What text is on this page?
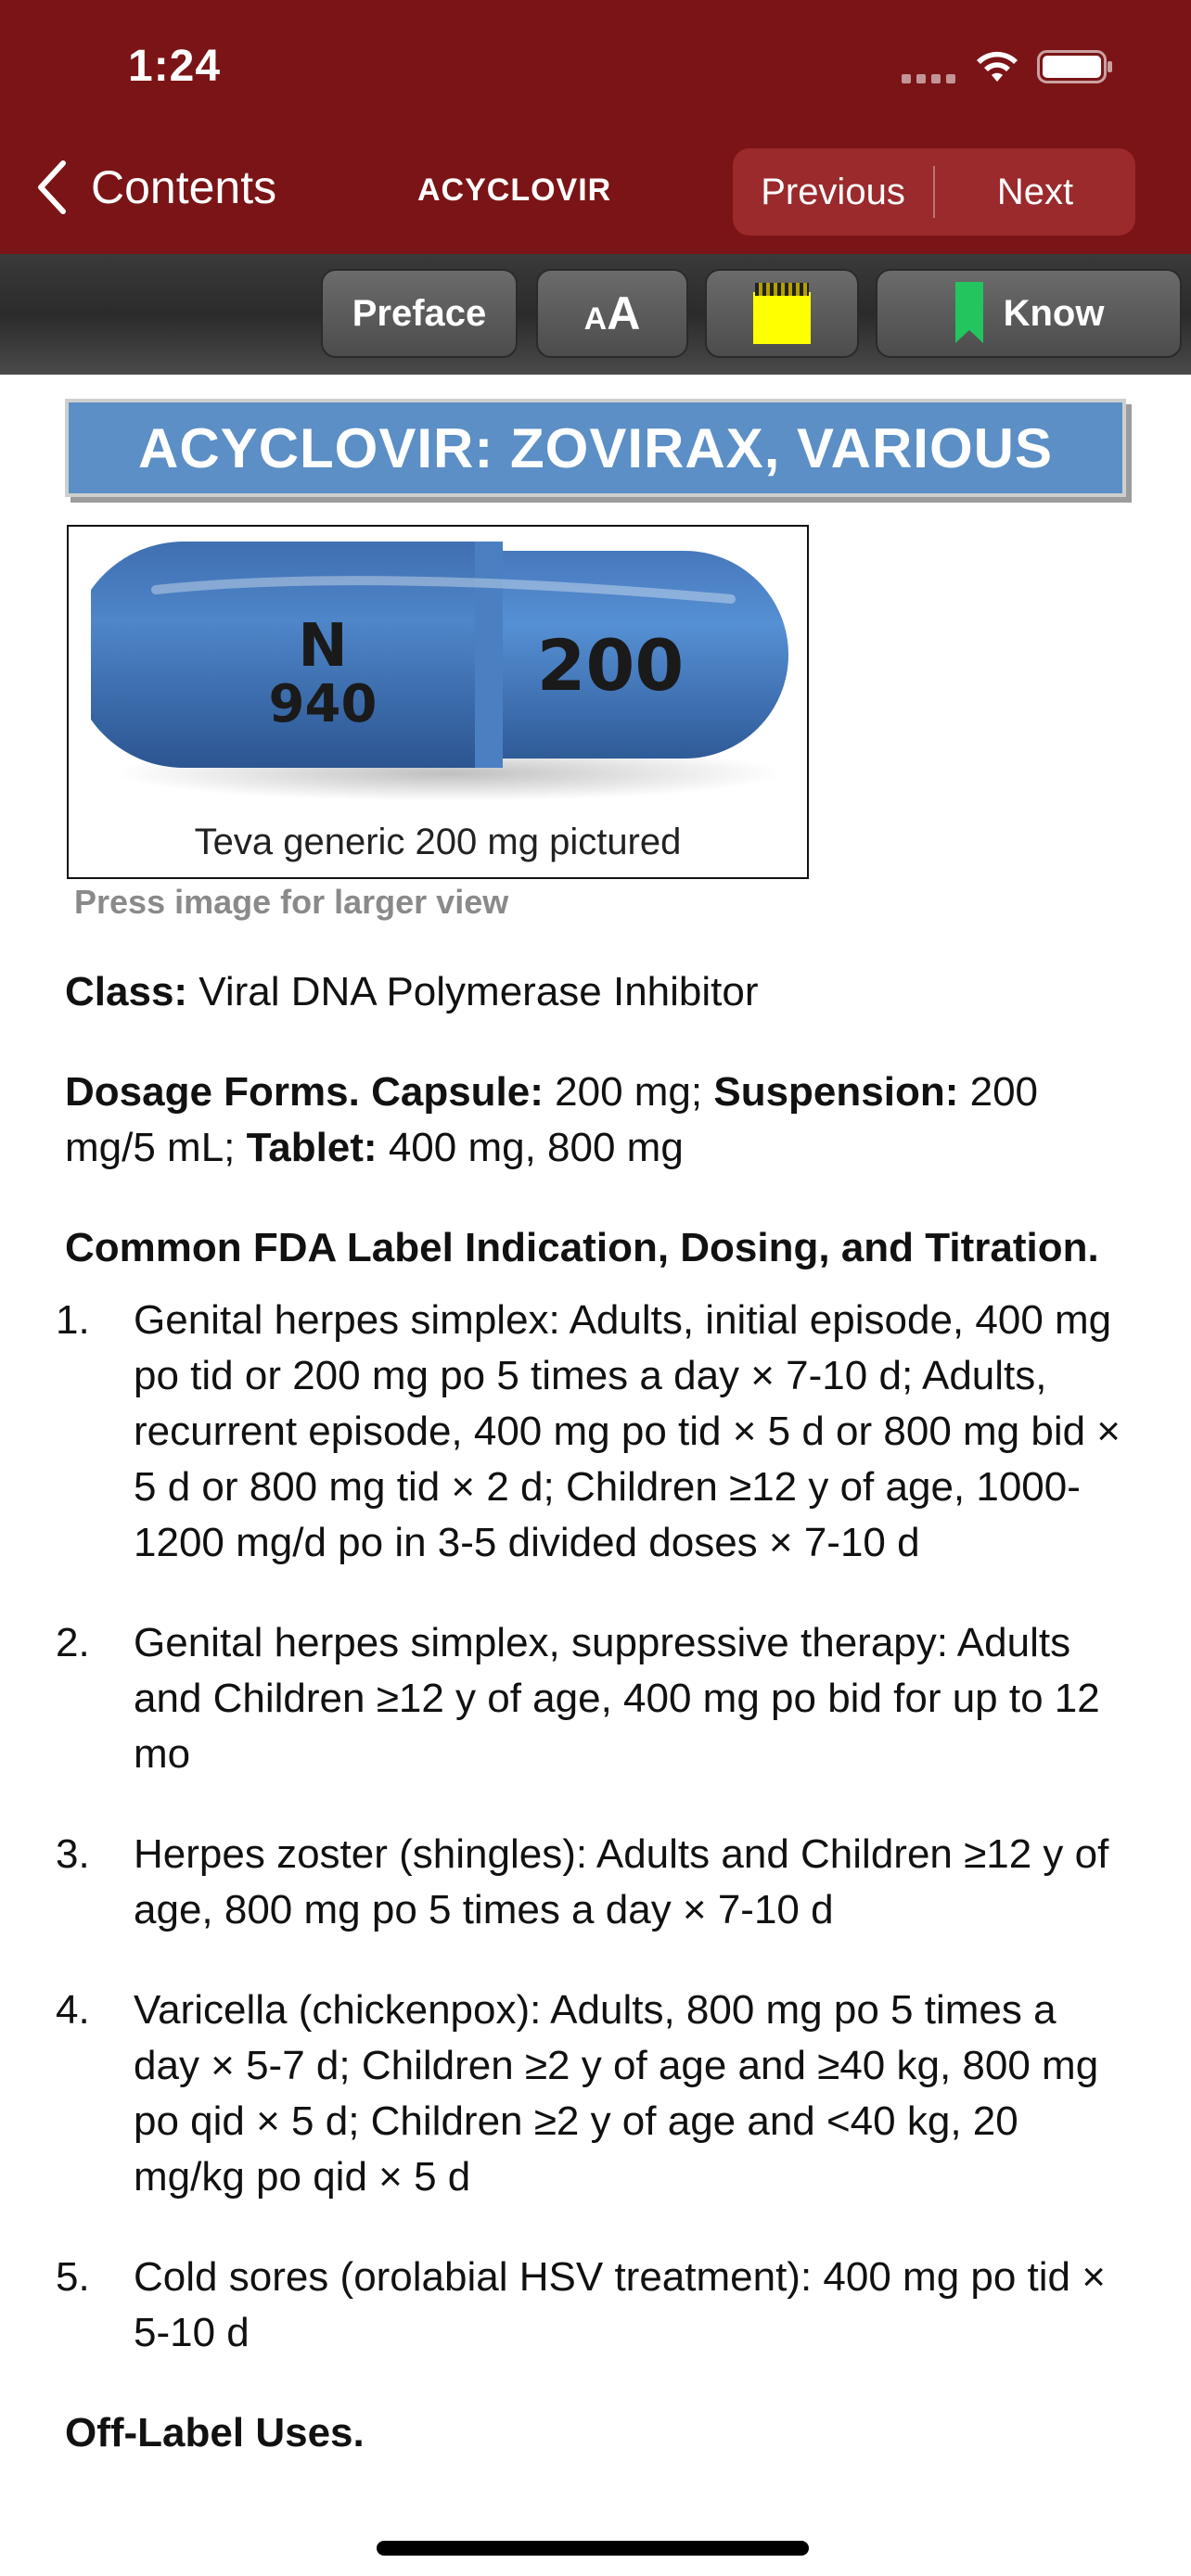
1:24
Contents	ACYCLOVIR	Previous	Next
Preface	AA	Know
ACYCLOVIR: ZOVIRAX, VARIOUS
N
940 200
Teva generic 200 mg pictured
Press image for larger view

Class: Viral DNA Polymerase Inhibitor

Dosage Forms. Capsule: 200 mg; Suspension: 200 mg/5 mL; Tablet: 400 mg, 800 mg

Common FDA Label Indication, Dosing, and Titration.

1. Genital herpes simplex: Adults, initial episode, 400 mg po tid or 200 mg po 5 times a day × 7-10 d; Adults, recurrent episode, 400 mg po tid × 5 d or 800 mg bid × 5 d or 800 mg tid × 2 d; Children ≥12 y of age, 1000-1200 mg/d po in 3-5 divided doses × 7-10 d
2. Genital herpes simplex, suppressive therapy: Adults and Children ≥12 y of age, 400 mg po bid for up to 12 mo
3. Herpes zoster (shingles): Adults and Children ≥12 y of age, 800 mg po 5 times a day × 7-10 d
4. Varicella (chickenpox): Adults, 800 mg po 5 times a day × 5-7 d; Children ≥2 y of age and ≥40 kg, 800 mg po qid × 5 d; Children ≥2 y of age and <40 kg, 20 mg/kg po qid × 5 d
5. Cold sores (orolabial HSV treatment): 400 mg po tid × 5-10 d

Off-Label Uses.
